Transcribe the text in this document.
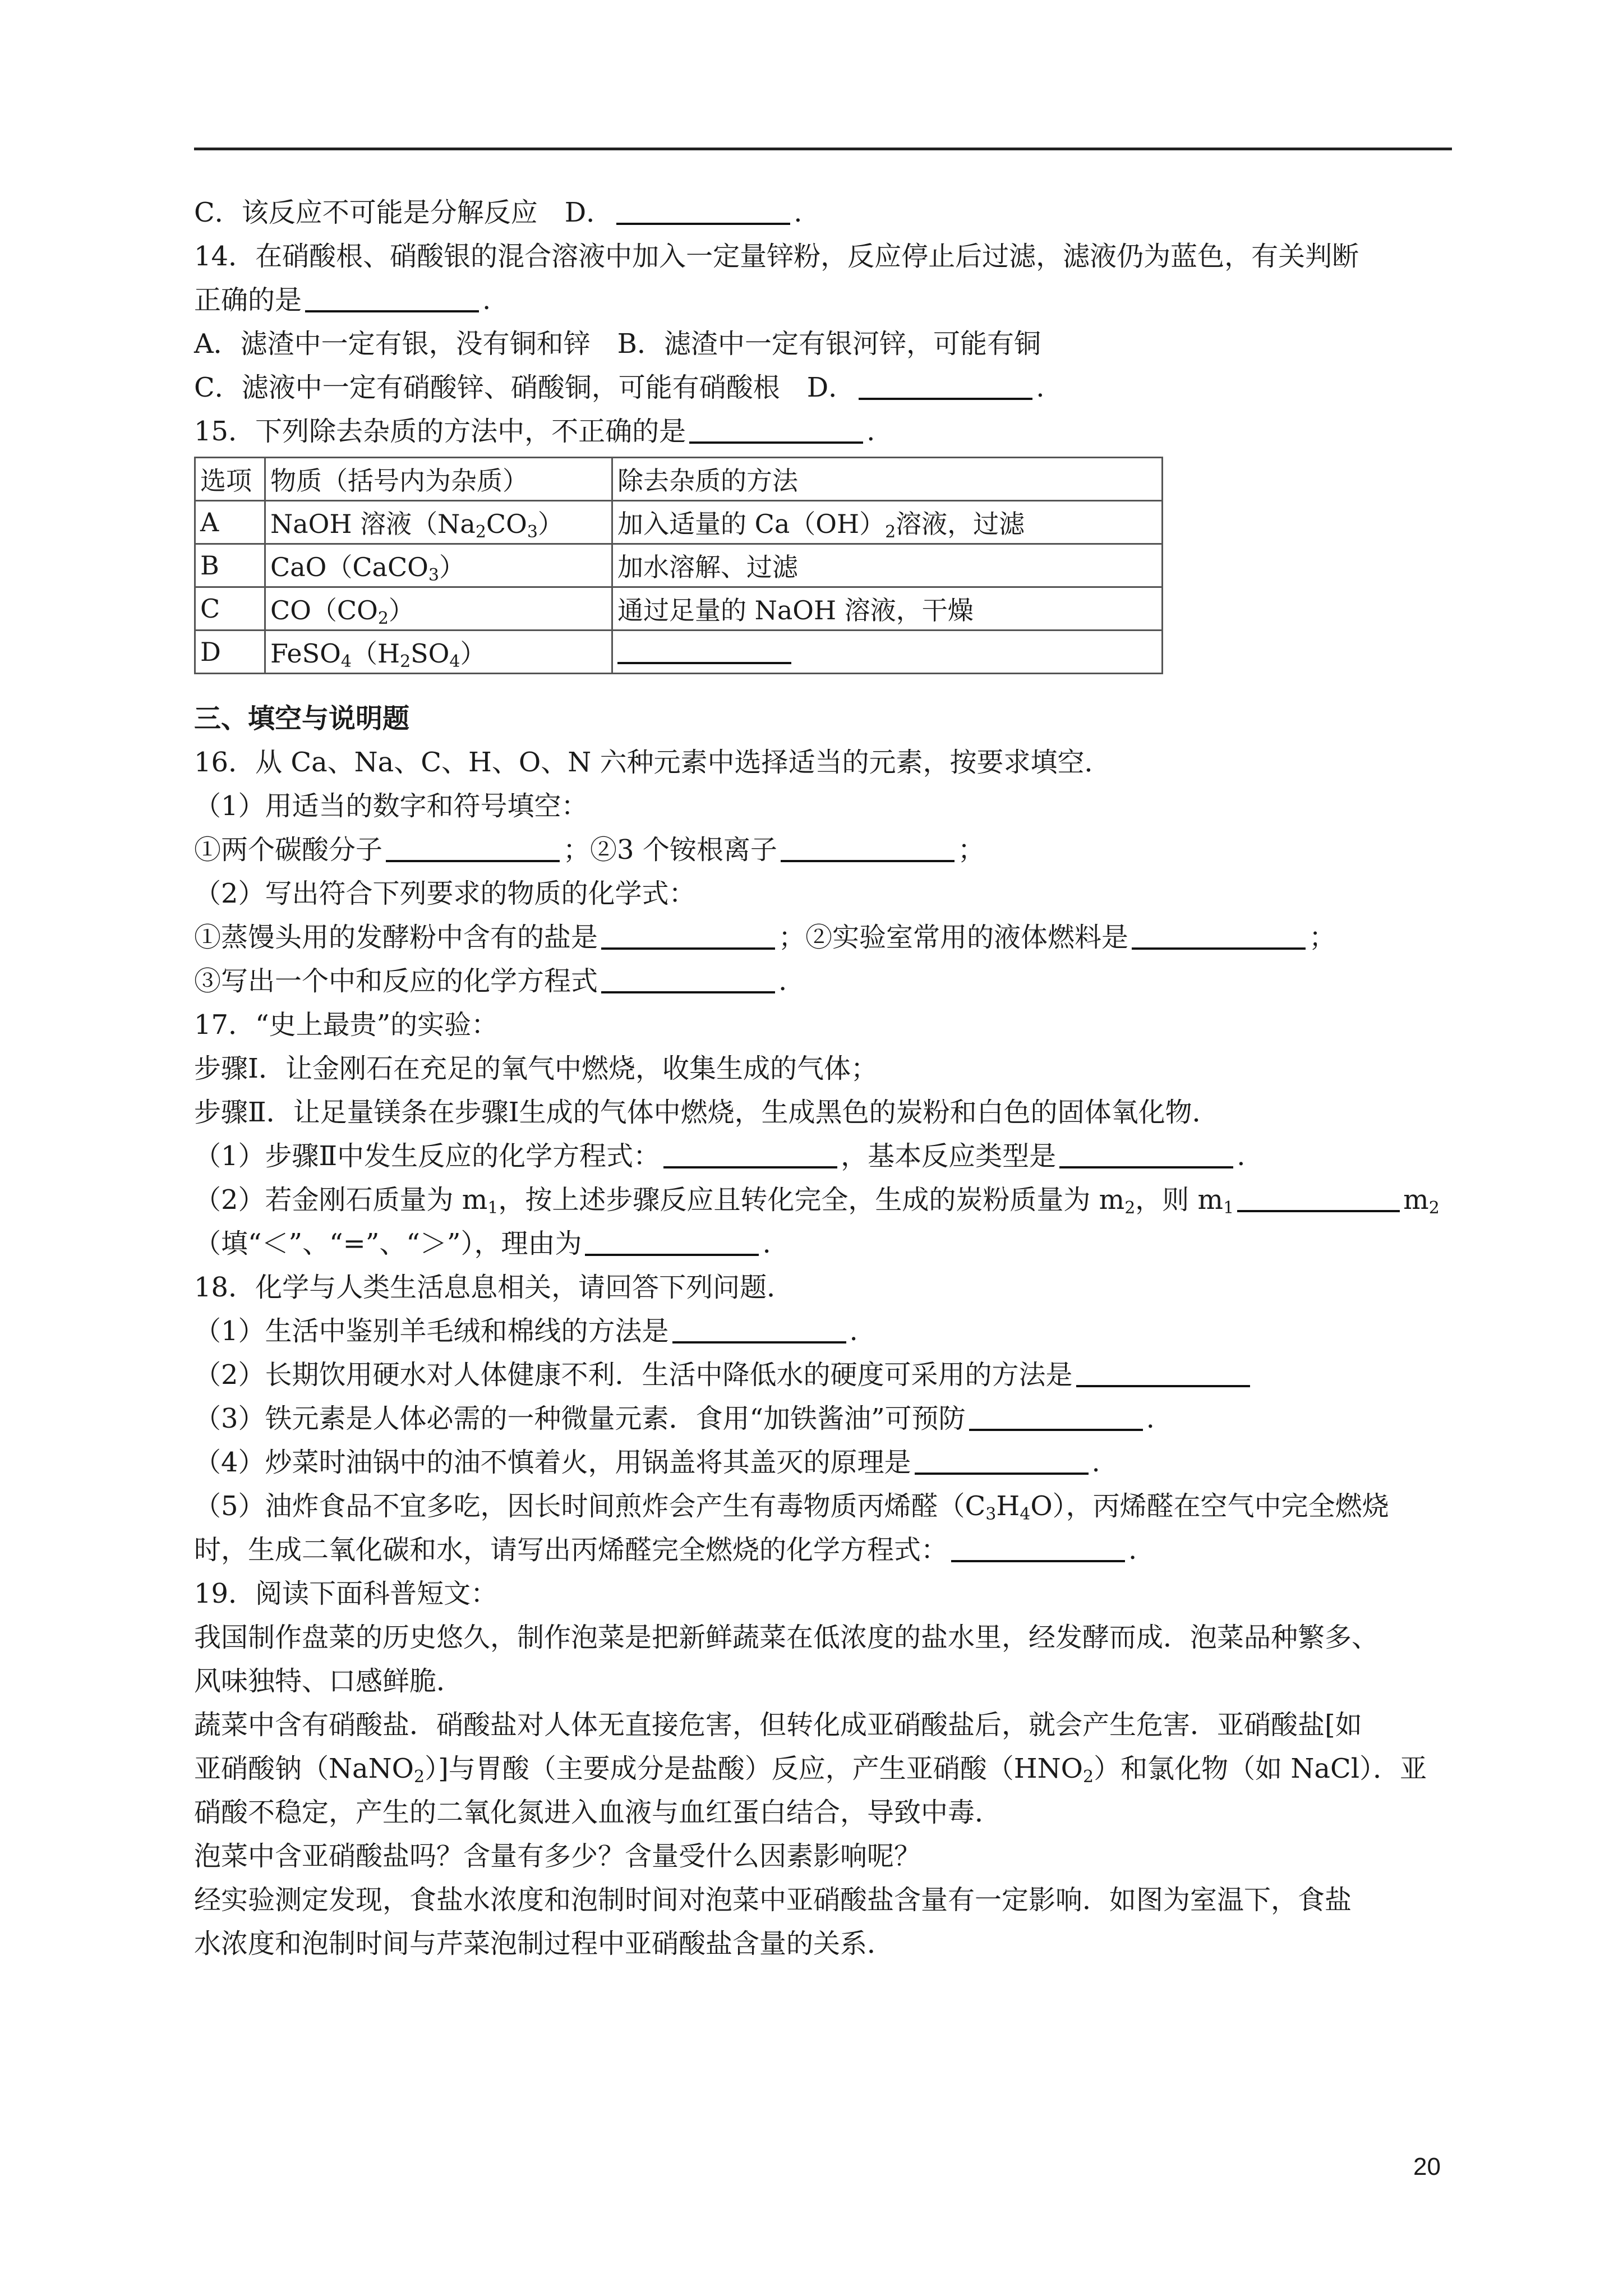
C．该反应不可能是分解反应　D．	.
14．在硝酸根、硝酸银的混合溶液中加入一定量锌粉，反应停止后过滤，滤液仍为蓝色，有关判断
正确的是	.
A．滤渣中一定有银，没有铜和锌　B．滤渣中一定有银河锌，可能有铜
C．滤液中一定有硝酸锌、硝酸铜，可能有硝酸根　D．	.
15．下列除去杂质的方法中，不正确的是	.
选项	物质（括号内为杂质）	除去杂质的方法
A	NaOH 溶液$(Na_2CO_3)$	加入适量的 $Ca(OH)_2$溶液，过滤
B	CaO（CaCO$_3$）	加水溶解、过滤
C	$CO(CO_2)$	通过足量的 NaOH 溶液，干燥
D	$FeSO_4(H_2SO_4)$	
三、填空与说明题
16．从 Ca、Na、C、H、O、N 六种元素中选择适当的元素，按要求填空．
（1）用适当的数字和符号填空：
①两个碳酸分子	；②3 个铵根离子	；
（2）写出符合下列要求的物质的化学式：
①蒸馒头用的发酵粉中含有的盐是	；②实验室常用的液体燃料是	；
③写出一个中和反应的化学方程式	.
17．“史上最贵”的实验：
步骤Ⅰ．让金刚石在充足的氧气中燃烧，收集生成的气体；
步骤Ⅱ．让足量镁条在步骤Ⅰ生成的气体中燃烧，生成黑色的炭粉和白色的固体氧化物．
（1）步骤Ⅱ中发生反应的化学方程式：	，基本反应类型是	.
（2）若金刚石质量为 $m_1$，按上述步骤反应且转化完全，生成的炭粉质量为 $m_2$，则 $m_1$	$m_2$
（填“＜”、“=”、“＞”），理由为	.
18．化学与人类生活息息相关，请回答下列问题．
（1）生活中鉴别羊毛绒和棉线的方法是	.
（2）长期饮用硬水对人体健康不利．生活中降低水的硬度可采用的方法是
（3）铁元素是人体必需的一种微量元素．食用“加铁酱油”可预防	.
（4）炒菜时油锅中的油不慎着火，用锅盖将其盖灭的原理是	.
（5）油炸食品不宜多吃，因长时间煎炸会产生有毒物质丙烯醛$(C_3H_4O)$，丙烯醛在空气中完全燃烧
时，生成二氧化碳和水，请写出丙烯醛完全燃烧的化学方程式：	.
19．阅读下面科普短文：
我国制作盘菜的历史悠久，制作泡菜是把新鲜蔬菜在低浓度的盐水里，经发酵而成．泡菜品种繁多、
风味独特、口感鲜脆．
蔬菜中含有硝酸盐．硝酸盐对人体无直接危害，但转化成亚硝酸盐后，就会产生危害．亚硝酸盐[如
亚硝酸钠（NaNO$_2$）]与胃酸（主要成分是盐酸）反应，产生亚硝酸$(HNO_2)$和氯化物（如 NaCl）．亚
硝酸不稳定，产生的二氧化氮进入血液与血红蛋白结合，导致中毒．
泡菜中含亚硝酸盐吗？含量有多少？含量受什么因素影响呢？
经实验测定发现，食盐水浓度和泡制时间对泡菜中亚硝酸盐含量有一定影响．如图为室温下，食盐
水浓度和泡制时间与芹菜泡制过程中亚硝酸盐含量的关系．
20
